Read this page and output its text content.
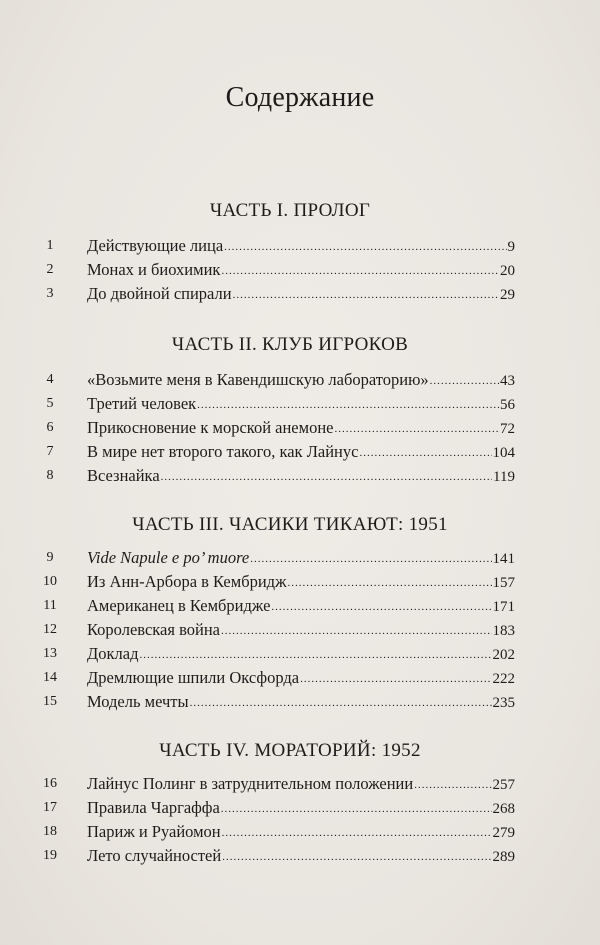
Содержание
ЧАСТЬ I. ПРОЛОГ
1	Действующие лица .....	9
2	Монах и биохимик .....	20
3	До двойной спирали .....	29
ЧАСТЬ II. КЛУБ ИГРОКОВ
4	«Возьмите меня в Кавендишскую лабораторию» .....	43
5	Третий человек .....	56
6	Прикосновение к морской анемоне .....	72
7	В мире нет второго такого, как Лайнус .....	104
8	Всезнайка .....	119
ЧАСТЬ III. ЧАСИКИ ТИКАЮТ: 1951
9	Vide Napule e po’ muore .....	141
10	Из Анн-Арбора в Кембридж .....	157
11	Американец в Кембридже .....	171
12	Королевская война .....	183
13	Доклад .....	202
14	Дремлющие шпили Оксфорда .....	222
15	Модель мечты .....	235
ЧАСТЬ IV. МОРАТОРИЙ: 1952
16	Лайнус Полинг в затруднительном положении .....	257
17	Правила Чаргаффа .....	268
18	Париж и Руайомон .....	279
19	Лето случайностей .....	289
